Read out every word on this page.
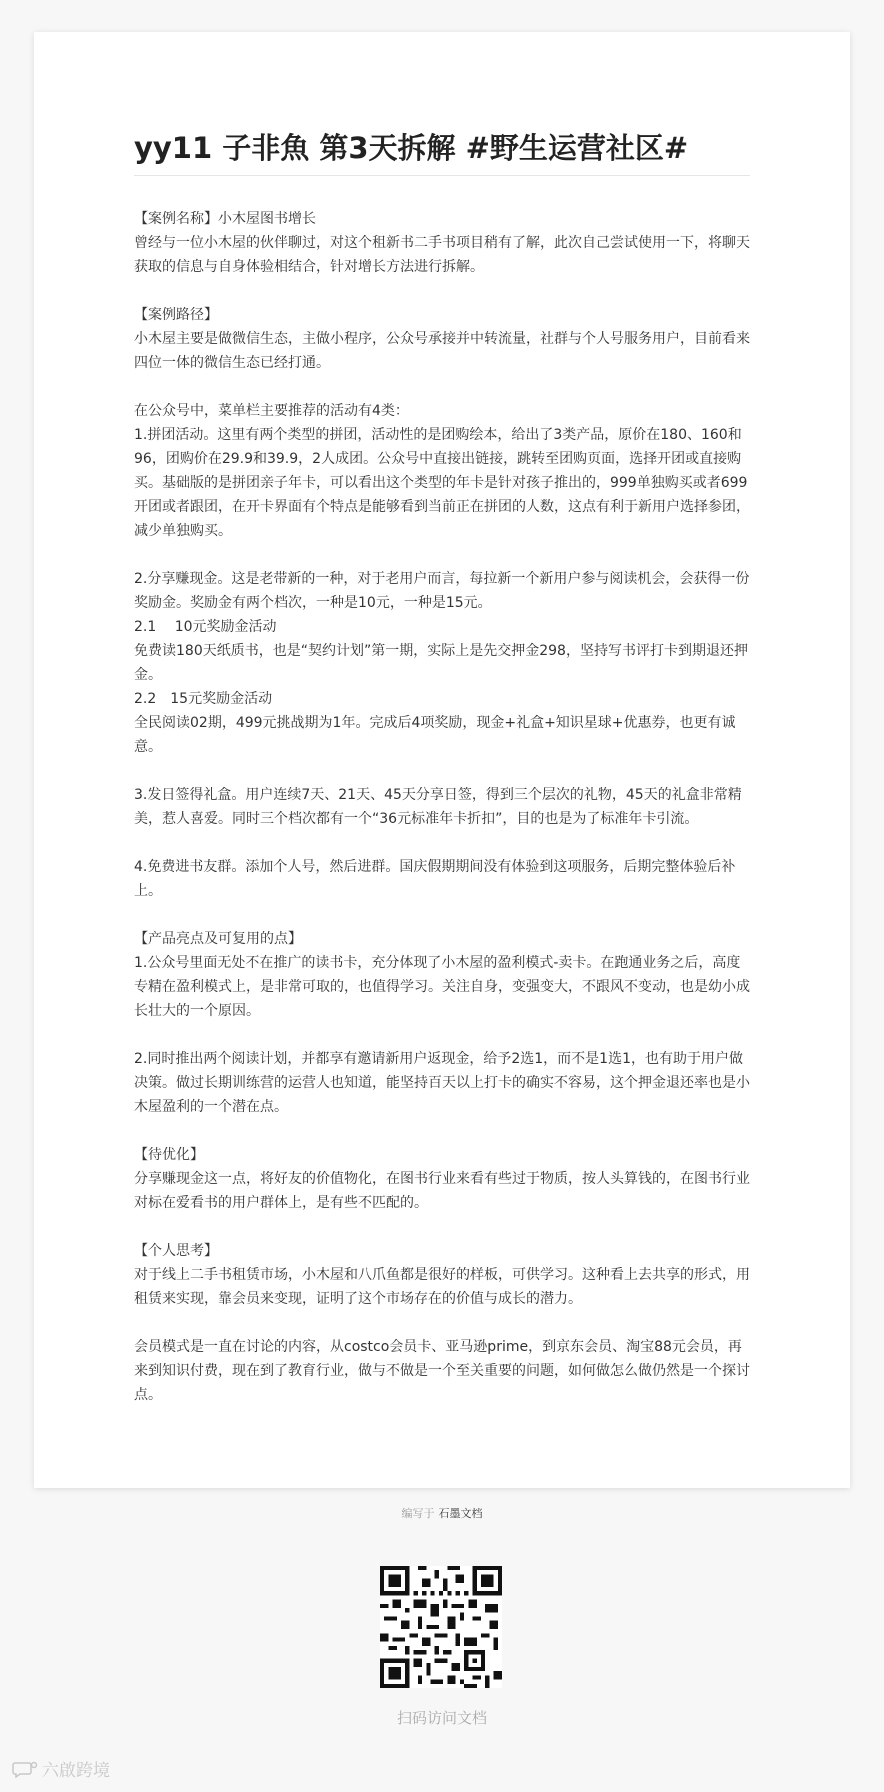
yy11 子非魚 第3天拆解 #野生运营社区#

【案例名称】小木屋图书增长

曾经与一位小木屋的伙伴聊过，对这个租新书二手书项目稍有了解，此次自己尝试使用一下，将聊天获取的信息与自身体验相结合，针对增长方法进行拆解。

【案例路径】

小木屋主要是做微信生态，主做小程序，公众号承接并中转流量，社群与个人号服务用户，目前看来四位一体的微信生态已经打通。

在公众号中，菜单栏主要推荐的活动有4类：

1.拼团活动。这里有两个类型的拼团，活动性的是团购绘本，给出了3类产品，原价在180、160和96，团购价在29.9和39.9，2人成团。公众号中直接出链接，跳转至团购页面，选择开团或直接购买。基础版的是拼团亲子年卡，可以看出这个类型的年卡是针对孩子推出的，999单独购买或者699开团或者跟团，在开卡界面有个特点是能够看到当前正在拼团的人数，这点有利于新用户选择参团，减少单独购买。

2.分享赚现金。这是老带新的一种，对于老用户而言，每拉新一个新用户参与阅读机会，会获得一份奖励金。奖励金有两个档次，一种是10元，一种是15元。

2.1　 10元奖励金活动

免费读180天纸质书，也是“契约计划”第一期，实际上是先交押金298，坚持写书评打卡到期退还押金。

2.2　15元奖励金活动

全民阅读02期，499元挑战期为1年。完成后4项奖励，现金+礼盒+知识星球+优惠券，也更有诚意。

3.发日签得礼盒。用户连续7天、21天、45天分享日签，得到三个层次的礼物，45天的礼盒非常精美，惹人喜爱。同时三个档次都有一个“36元标准年卡折扣”，目的也是为了标准年卡引流。

4.免费进书友群。添加个人号，然后进群。国庆假期期间没有体验到这项服务，后期完整体验后补上。

【产品亮点及可复用的点】

1.公众号里面无处不在推广的读书卡，充分体现了小木屋的盈利模式-卖卡。在跑通业务之后，高度专精在盈利模式上，是非常可取的，也值得学习。关注自身，变强变大，不跟风不变动，也是幼小成长壮大的一个原因。

2.同时推出两个阅读计划，并都享有邀请新用户返现金，给予2选1，而不是1选1，也有助于用户做决策。做过长期训练营的运营人也知道，能坚持百天以上打卡的确实不容易，这个押金退还率也是小木屋盈利的一个潜在点。

【待优化】

分享赚现金这一点，将好友的价值物化，在图书行业来看有些过于物质，按人头算钱的，在图书行业对标在爱看书的用户群体上，是有些不匹配的。

【个人思考】

对于线上二手书租赁市场，小木屋和八爪鱼都是很好的样板，可供学习。这种看上去共享的形式，用租赁来实现，靠会员来变现，证明了这个市场存在的价值与成长的潜力。

会员模式是一直在讨论的内容，从costco会员卡、亚马逊prime，到京东会员、淘宝88元会员，再来到知识付费，现在到了教育行业，做与不做是一个至关重要的问题，如何做怎么做仍然是一个探讨点。

编写于 石墨文档
扫码访问文档
六啟跨境
